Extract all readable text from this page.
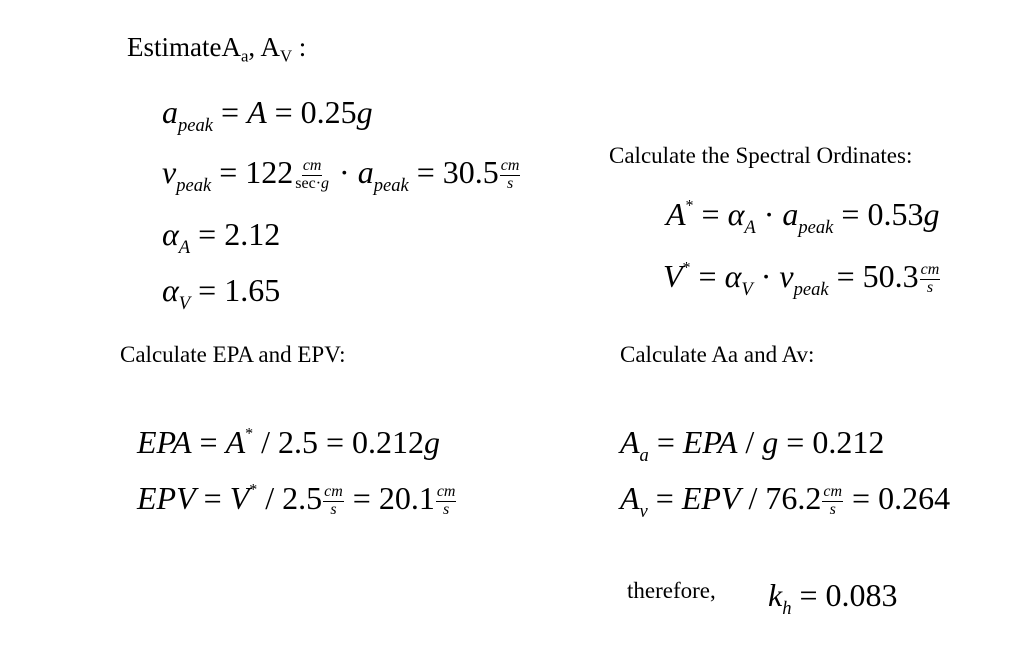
EstimateAa, AV :
$a_{peak} = A = 0.25g$
$v_{peak} = 122 \frac{cm}{\sec\cdot g} \cdot a_{peak} = 30.5 \frac{cm}{s}$
$\alpha_A = 2.12$
$\alpha_V = 1.65$
Calculate the Spectral Ordinates:
$A^* = \alpha_A \cdot a_{peak} = 0.53g$
$V^* = \alpha_V \cdot v_{peak} = 50.3 \frac{cm}{s}$
Calculate EPA and EPV:	Calculate Aa and Av:
EPA = A* / 2.5 = 0.212g
EPV = $V^* / 2.5 \frac{cm}{s} = 20.1 \frac{cm}{s}$
$A_a$ = EPA / g = 0.212
$A_v$ = EPV / $76.2 \frac{cm}{s} = 0.264$
therefore, $k_h = 0.083$
